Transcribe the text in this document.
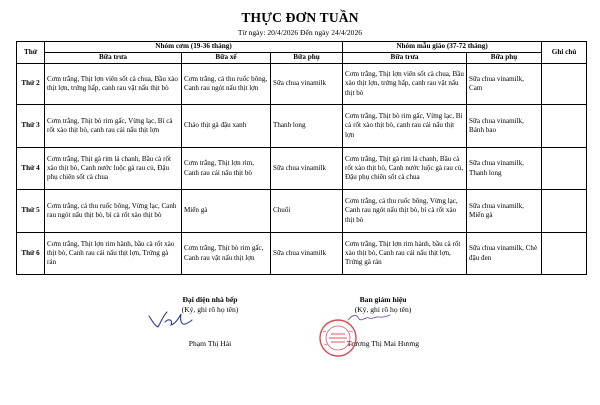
THỰC ĐƠN TUẦN
Từ ngày: 20/4/2026 Đến ngày 24/4/2026
Thứ	Nhóm cơm (19-36 tháng)			Nhóm mẫu giáo (37-72 tháng)		Ghi chú
	Bữa trưa	Bữa xế	Bữa phụ	Bữa trưa	Bữa phụ	
Thứ 2	Cơm trắng, Thịt lợn viên sốt cà chua, Bầu xào thịt lợn, trứng hấp, canh rau vặt nấu thịt bò	Cơm trắng, cá thu ruốc bông, Canh rau ngót nấu thịt lợn	Sữa chua vinamilk	Cơm trắng, Thịt lợn viên sốt cà chua, Bầu xào thịt lợn, trứng hấp, canh rau vặt nấu thịt bò	Sữa chua vinamilk, Cam	
Thứ 3	Cơm trắng, Thịt bò rim gấc, Vừng lạc, Bí cà rốt xào thịt bò, canh rau cải nấu thịt lợn	Cháo thịt gà đậu xanh	Thanh long	Cơm trắng, Thịt bò rim gấc, Vừng lạc, Bí cà rốt xào thịt bò, canh rau cải nấu thịt lợn	Sữa chua vinamilk, Bánh bao	
Thứ 4	Cơm trắng, Thịt gà rim lá chanh, Bầu cà rốt xào thịt bò, Canh nước luộc gà rau củ, Đậu phụ chiên sốt cà chua	Cơm trắng, Thịt lợn rim, Canh rau cải nấu thịt bò	Sữa chua vinamilk	Cơm trắng, Thịt gà rim lá chanh, Bầu cà rốt xào thịt bò, Canh nước luộc gà rau củ, Đậu phụ chiên sốt cà chua	Sữa chua vinamilk, Thanh long	
Thứ 5	Cơm trắng, cá thu ruốc bông, Vừng lạc, Canh rau ngót nấu thịt bò, bí cà rốt xào thịt bò	Miến gà	Chuối	Cơm trắng, cá thu ruốc bông, Vừng lạc, Canh rau ngót nấu thịt bò, bí cà rốt xào thịt bò	Sữa chua vinamilk, Miến gà	
Thứ 6	Cơm trắng, Thịt lợn rim hành, bầu cà rốt xào thịt bò, Canh rau cải nấu thịt lợn, Trứng gà rán	Cơm trắng, Thịt bò rim gấc, Canh rau vặt nấu thịt lợn	Sữa chua vinamilk	Cơm trắng, Thịt lợn rim hành, bầu cà rốt xào thịt bò, Canh rau cải nấu thịt lợn, Trứng gà rán	Sữa chua vinamilk, Chè đậu đen	
Đại diện nhà bếp
(Ký, ghi rõ họ tên)
Phạm Thị Hải
Ban giám hiệu
(Ký, ghi rõ họ tên)
Trương Thị Mai Hương
